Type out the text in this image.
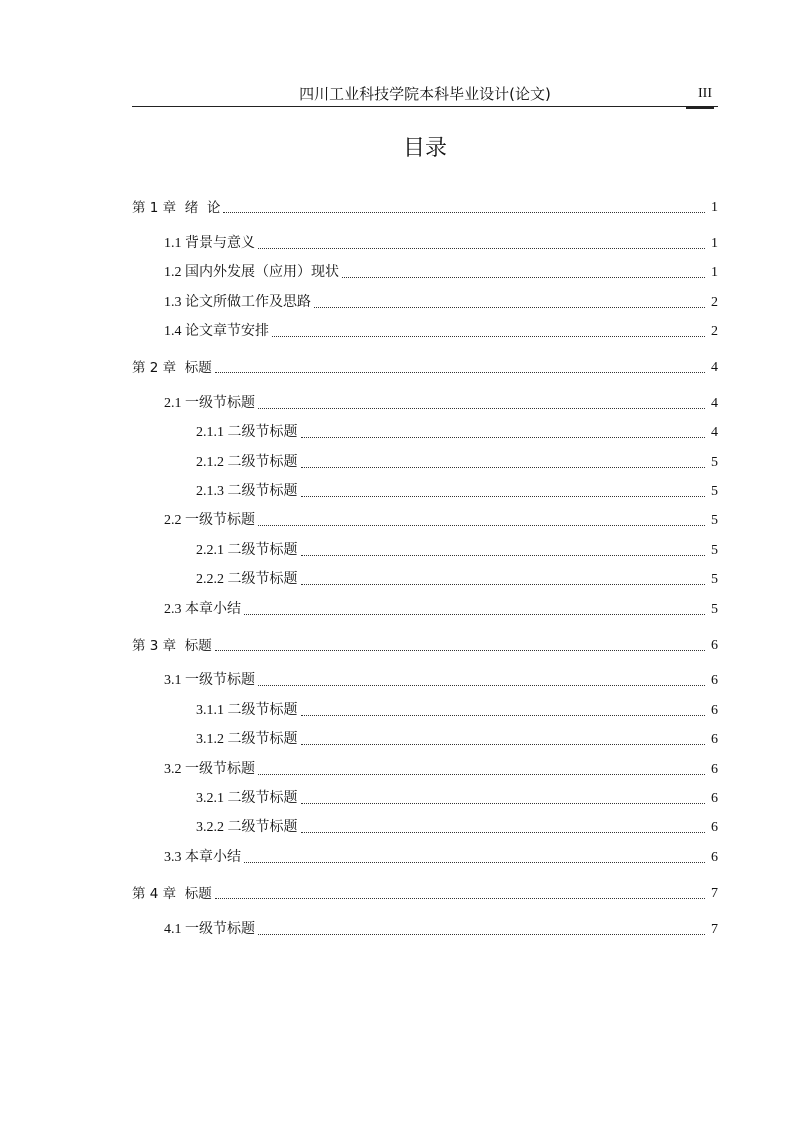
四川工业科技学院本科毕业设计(论文)	III
目录
第 1 章  绪  论	1
1.1 背景与意义	1
1.2 国内外发展（应用）现状	1
1.3 论文所做工作及思路	2
1.4 论文章节安排	2
第 2 章  标题	4
2.1 一级节标题	4
2.1.1 二级节标题	4
2.1.2 二级节标题	5
2.1.3 二级节标题	5
2.2 一级节标题	5
2.2.1 二级节标题	5
2.2.2 二级节标题	5
2.3 本章小结	5
第 3 章  标题	6
3.1 一级节标题	6
3.1.1 二级节标题	6
3.1.2 二级节标题	6
3.2 一级节标题	6
3.2.1 二级节标题	6
3.2.2 二级节标题	6
3.3 本章小结	6
第 4 章  标题	7
4.1 一级节标题	7
